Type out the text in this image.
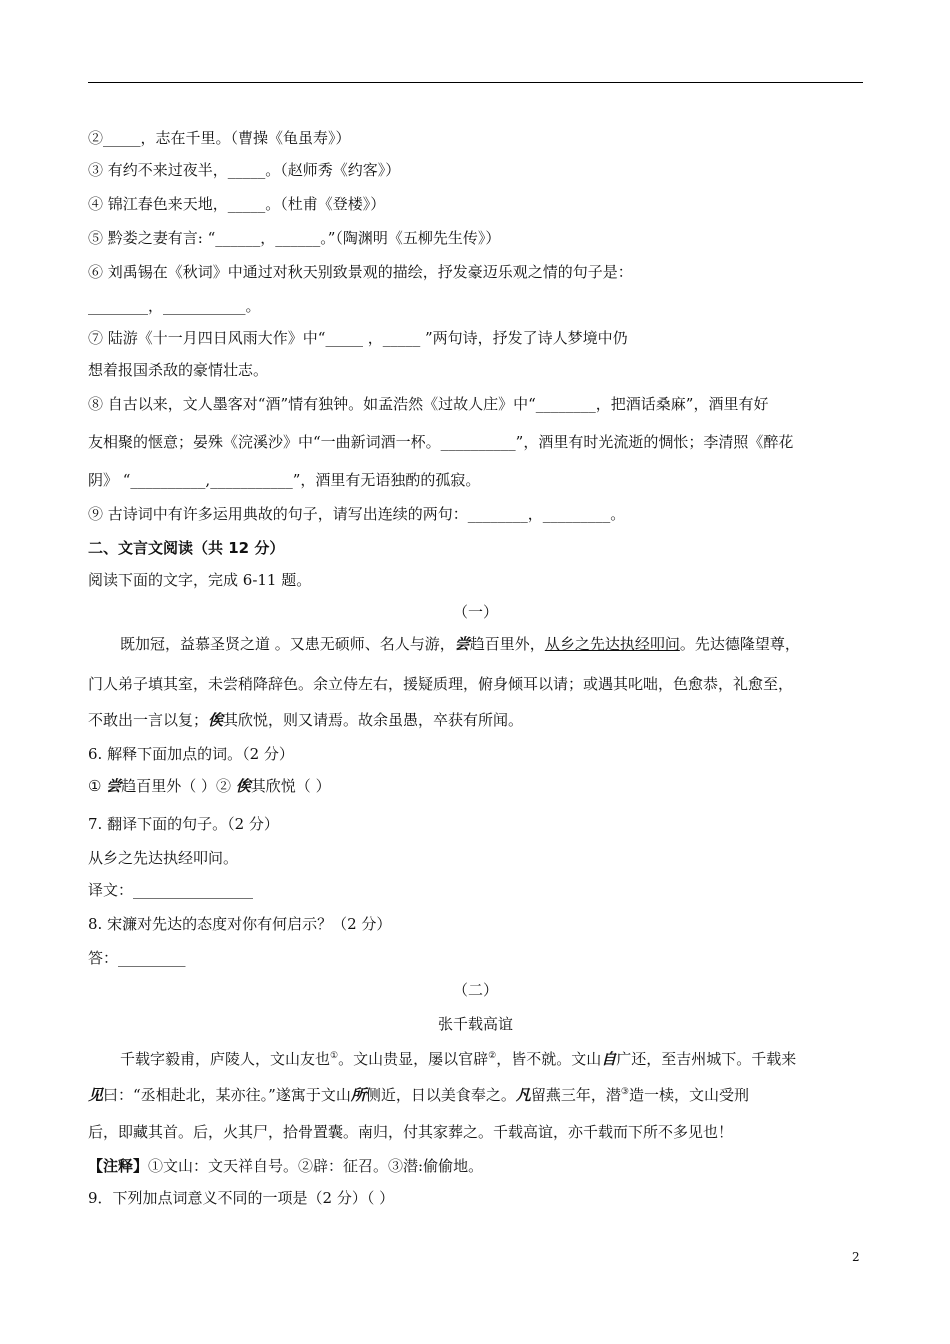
②_____，志在千里。（曹操《龟虽寿》）
③ 有约不来过夜半，_____。（赵师秀《约客》）
④ 锦江春色来天地，_____。（杜甫《登楼》）
⑤ 黔娄之妻有言: “______，______。”（陶渊明《五柳先生传》）
⑥ 刘禹锡在《秋词》中通过对秋天别致景观的描绘，抒发豪迈乐观之情的句子是：
________，___________。
⑦ 陆游《十一月四日风雨大作》中“_____ ，_____ ”两句诗，抒发了诗人梦境中仍
想着报国杀敌的豪情壮志。
⑧ 自古以来，文人墨客对“酒”情有独钟。如孟浩然《过故人庄》中“________，把酒话桑麻”，酒里有好
友相聚的惬意；晏殊《浣溪沙》中“一曲新词酒一杯。__________”，酒里有时光流逝的惆怅；李清照《醉花
阴》 “__________,___________”，酒里有无语独酌的孤寂。
⑨ 古诗词中有许多运用典故的句子，请写出连续的两句：________，_________。
二、文言文阅读（共 12 分）
阅读下面的文字，完成 6-11 题。
（一）
既加冠，益慕圣贤之道 。又患无硕师、名人与游，尝趋百里外，从乡之先达执经叩问。先达德隆望尊，
门人弟子填其室，未尝稍降辞色。余立侍左右，援疑质理，俯身倾耳以请；或遇其叱咄，色愈恭，礼愈至，
不敢出一言以复；俟其欣悦，则又请焉。故余虽愚，卒获有所闻。
6. 解释下面加点的词。（2 分）
① 尝趋百里外（ ）② 俟其欣悦（ ）
7. 翻译下面的句子。（2 分）
从乡之先达执经叩问。
译文：________________
8. 宋濂对先达的态度对你有何启示？（2 分）
答：_________
（二）
张千载高谊
千载字毅甫，庐陵人，文山友也①。文山贵显，屡以官辟②，皆不就。文山自广还，至吉州城下。千载来
见曰：“丞相赴北，某亦往。”遂寓于文山所侧近，日以美食奉之。凡留燕三年，潜③造一椟，文山受刑
后，即藏其首。后，火其尸，拾骨置囊。南归，付其家葬之。千载高谊，亦千载而下所不多见也！
【注释】①文山：文天祥自号。②辟：征召。③潜:偷偷地。
9．下列加点词意义不同的一项是（2 分）（ ）
2
